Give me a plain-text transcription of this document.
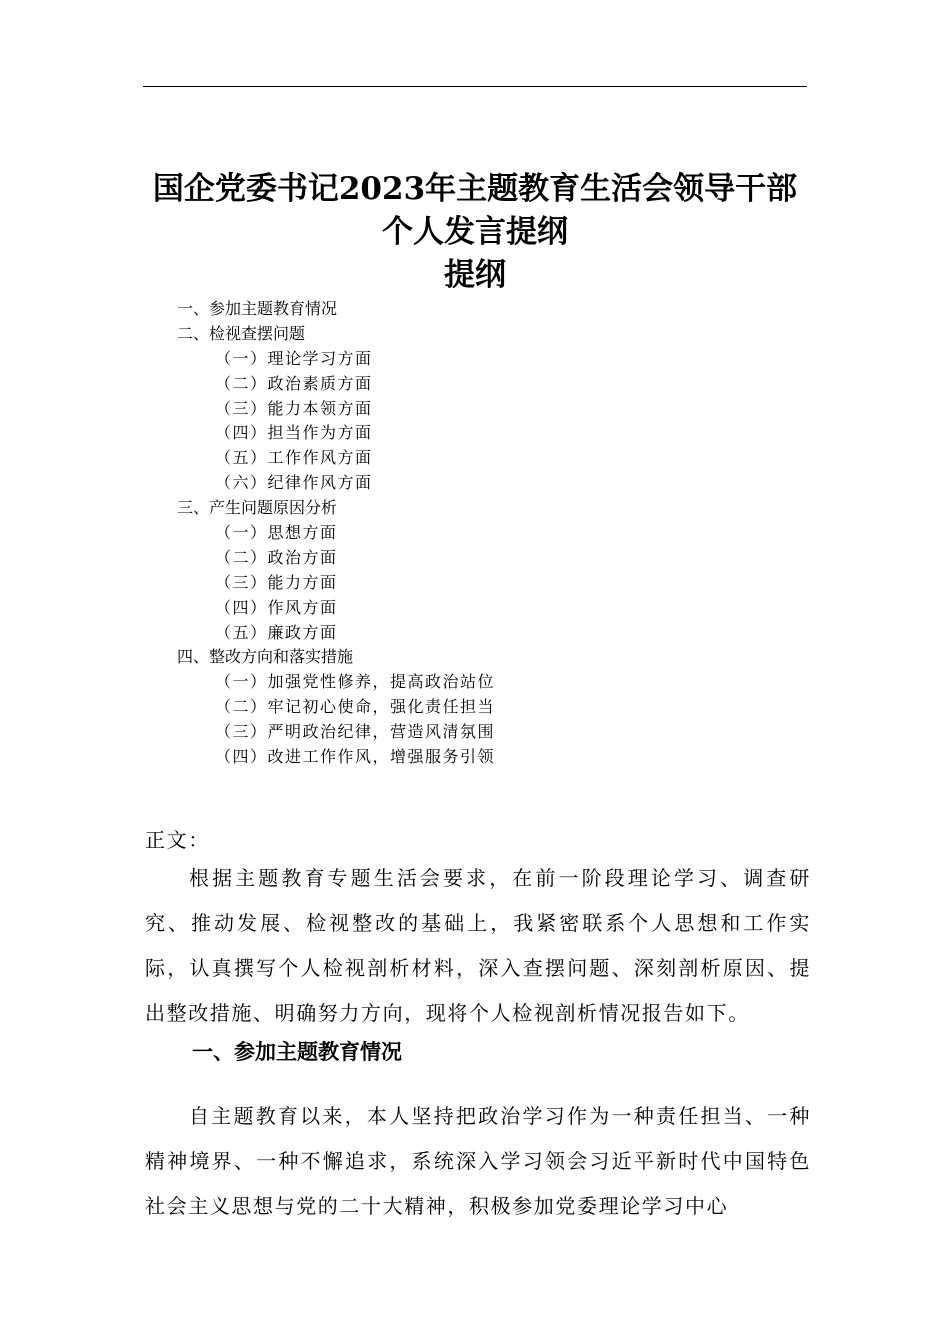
国企党委书记2023年主题教育生活会领导干部
个人发言提纲
提纲
一、参加主题教育情况
二、检视查摆问题
（一）理论学习方面
（二）政治素质方面
（三）能力本领方面
（四）担当作为方面
（五）工作作风方面
（六）纪律作风方面
三、产生问题原因分析
（一）思想方面
（二）政治方面
（三）能力方面
（四）作风方面
（五）廉政方面
四、整改方向和落实措施
（一）加强党性修养，提高政治站位
（二）牢记初心使命，强化责任担当
（三）严明政治纪律，营造风清氛围
（四）改进工作作风，增强服务引领

正文：

根据主题教育专题生活会要求，在前一阶段理论学习、调查研究、推动发展、检视整改的基础上，我紧密联系个人思想和工作实际，认真撰写个人检视剖析材料，深入查摆问题、深刻剖析原因、提出整改措施、明确努力方向，现将个人检视剖析情况报告如下。

一、参加主题教育情况

自主题教育以来，本人坚持把政治学习作为一种责任担当、一种精神境界、一种不懈追求，系统深入学习领会习近平新时代中国特色社会主义思想与党的二十大精神，积极参加党委理论学习中心
